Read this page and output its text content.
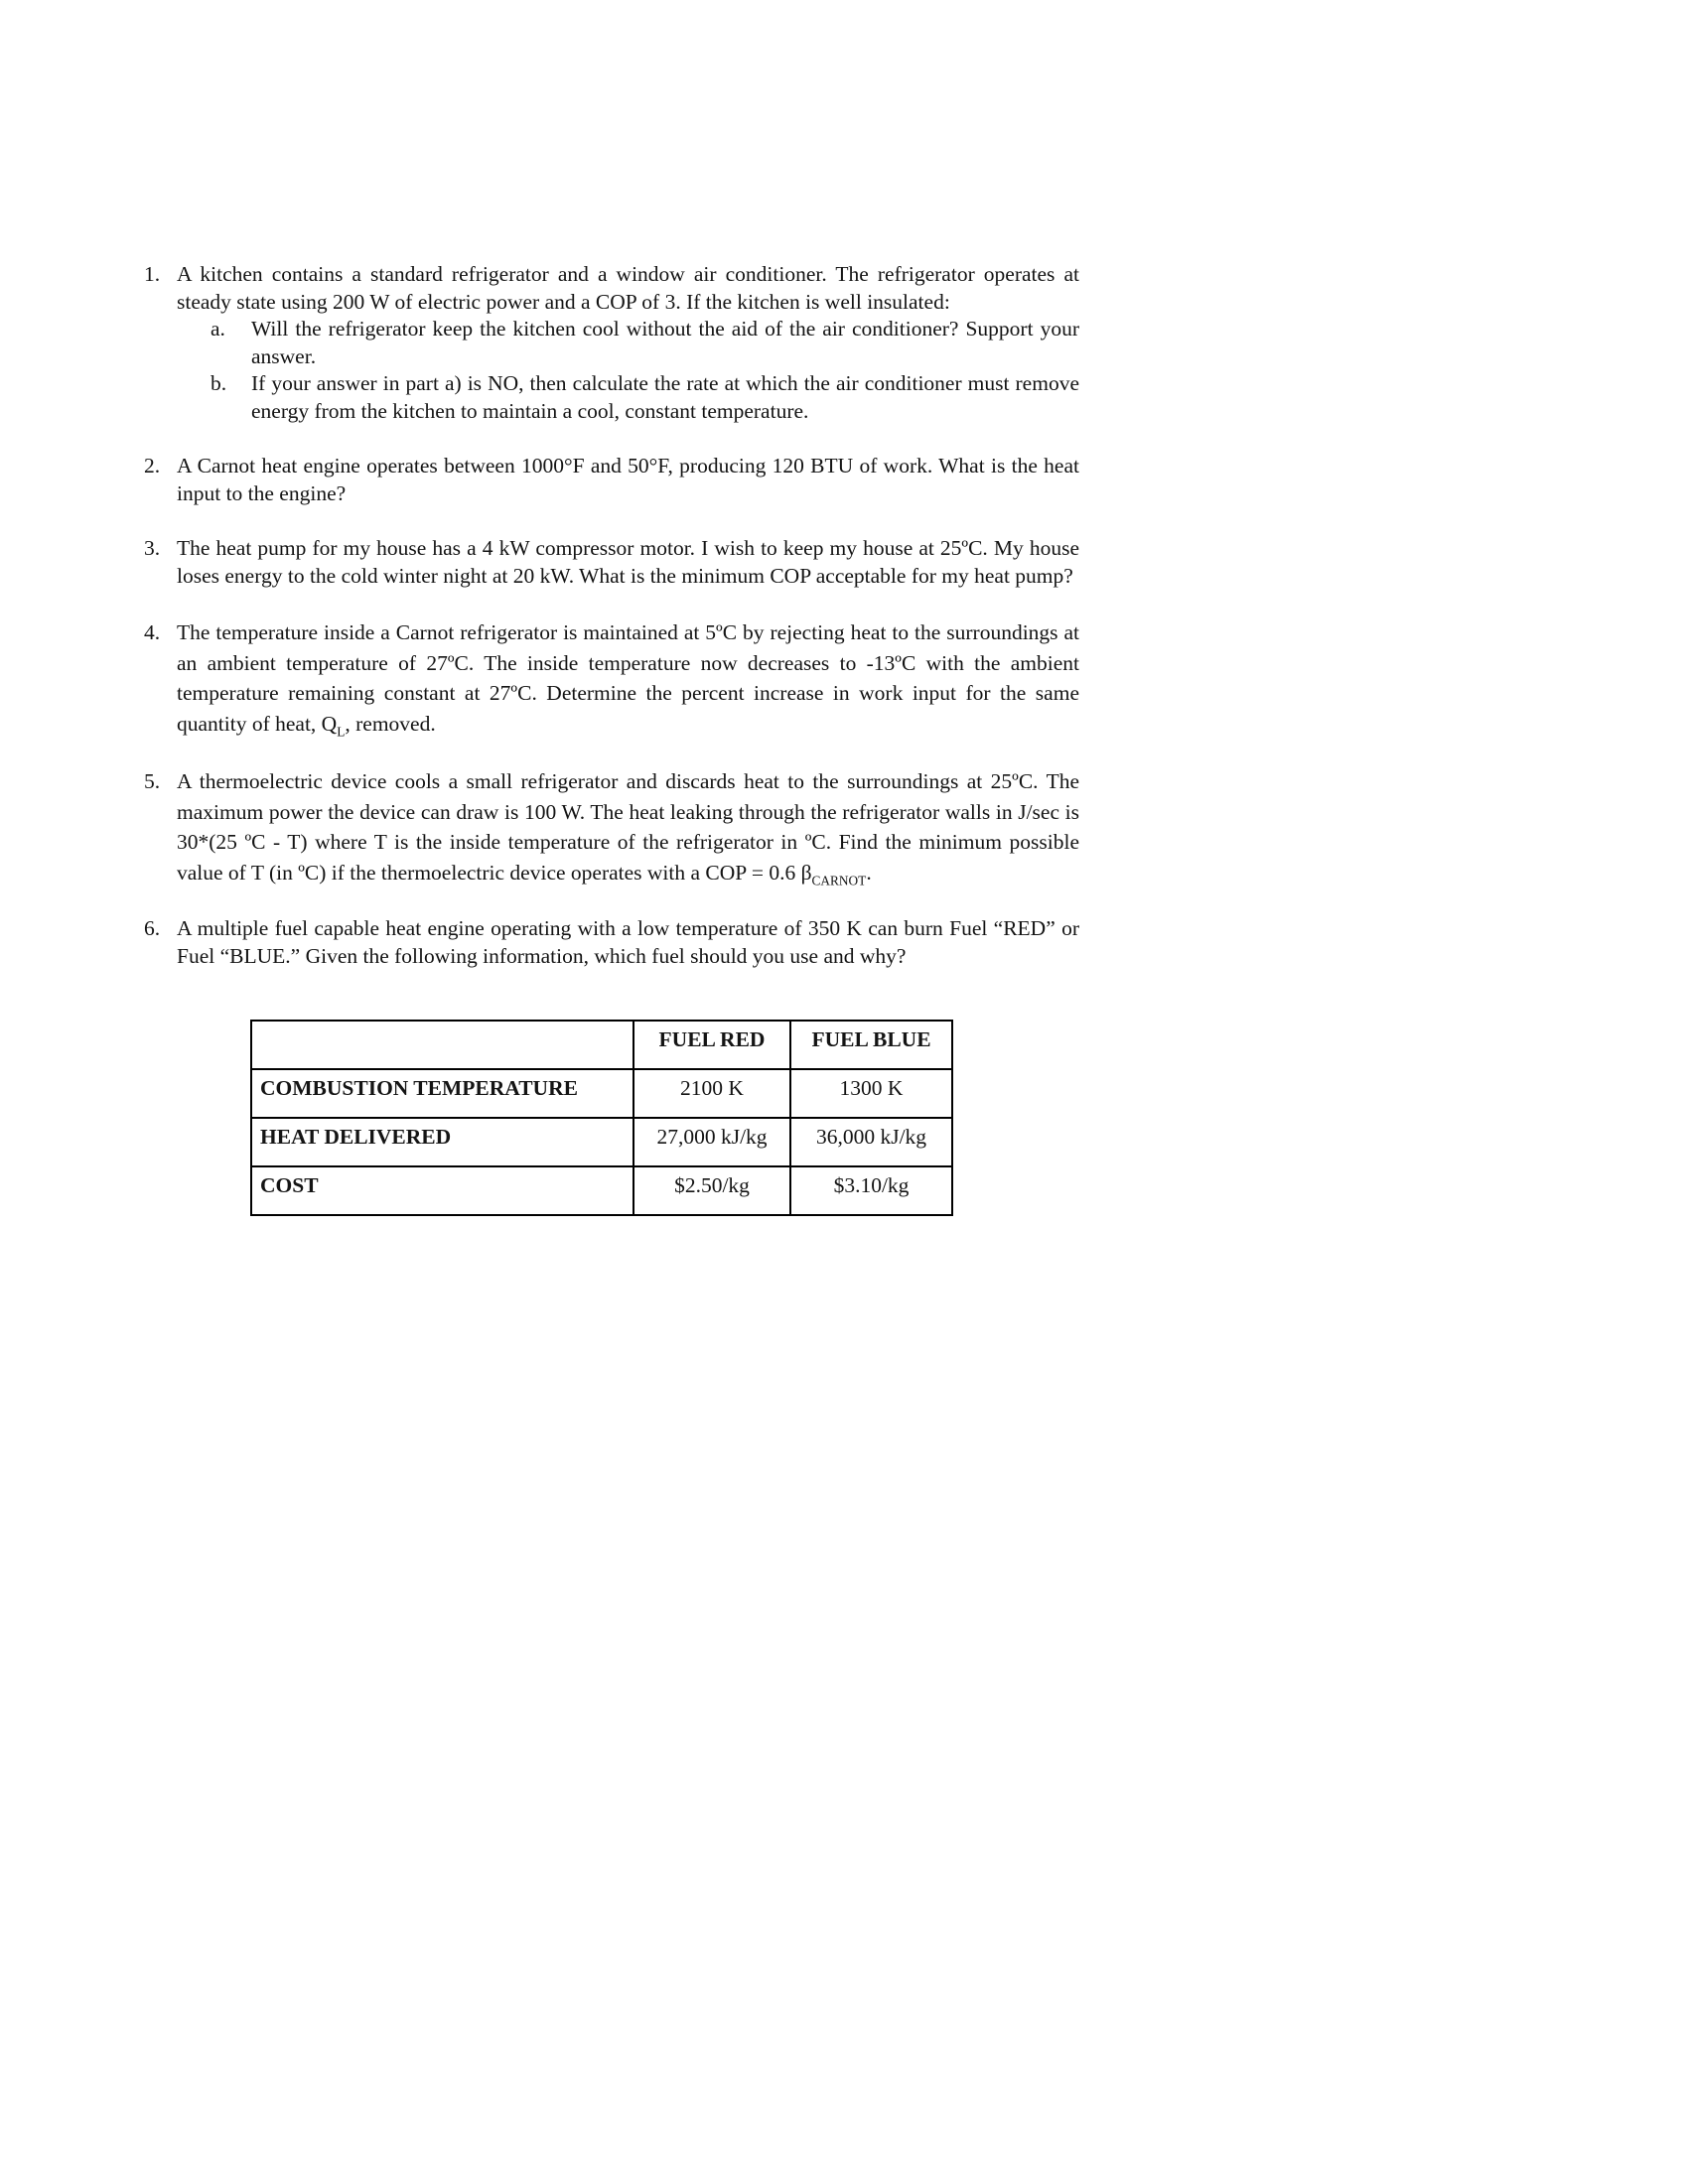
1. A kitchen contains a standard refrigerator and a window air conditioner. The refrigerator operates at steady state using 200 W of electric power and a COP of 3. If the kitchen is well insulated:
a.	Will the refrigerator keep the kitchen cool without the aid of the air conditioner? Support your answer.
b.	If your answer in part a) is NO, then calculate the rate at which the air conditioner must remove energy from the kitchen to maintain a cool, constant temperature.
2. A Carnot heat engine operates between 1000°F and 50°F, producing 120 BTU of work. What is the heat input to the engine?
3. The heat pump for my house has a 4 kW compressor motor. I wish to keep my house at 25ºC. My house loses energy to the cold winter night at 20 kW. What is the minimum COP acceptable for my heat pump?
4. The temperature inside a Carnot refrigerator is maintained at 5ºC by rejecting heat to the surroundings at an ambient temperature of 27ºC. The inside temperature now decreases to -13ºC with the ambient temperature remaining constant at 27ºC. Determine the percent increase in work input for the same quantity of heat, $Q_L$, removed.
5. A thermoelectric device cools a small refrigerator and discards heat to the surroundings at 25ºC. The maximum power the device can draw is 100 W. The heat leaking through the refrigerator walls in J/sec is 30*(25 ºC - T) where T is the inside temperature of the refrigerator in ºC. Find the minimum possible value of T (in ºC) if the thermoelectric device operates with a COP = 0.6 $\beta_{CARNOT}$.
6. A multiple fuel capable heat engine operating with a low temperature of 350 K can burn Fuel “RED” or Fuel “BLUE.” Given the following information, which fuel should you use and why?
	FUEL RED	FUEL BLUE
COMBUSTION TEMPERATURE	2100 K	1300 K
HEAT DELIVERED	27,000 kJ/kg	36,000 kJ/kg
COST	$2.50/kg	$3.10/kg
